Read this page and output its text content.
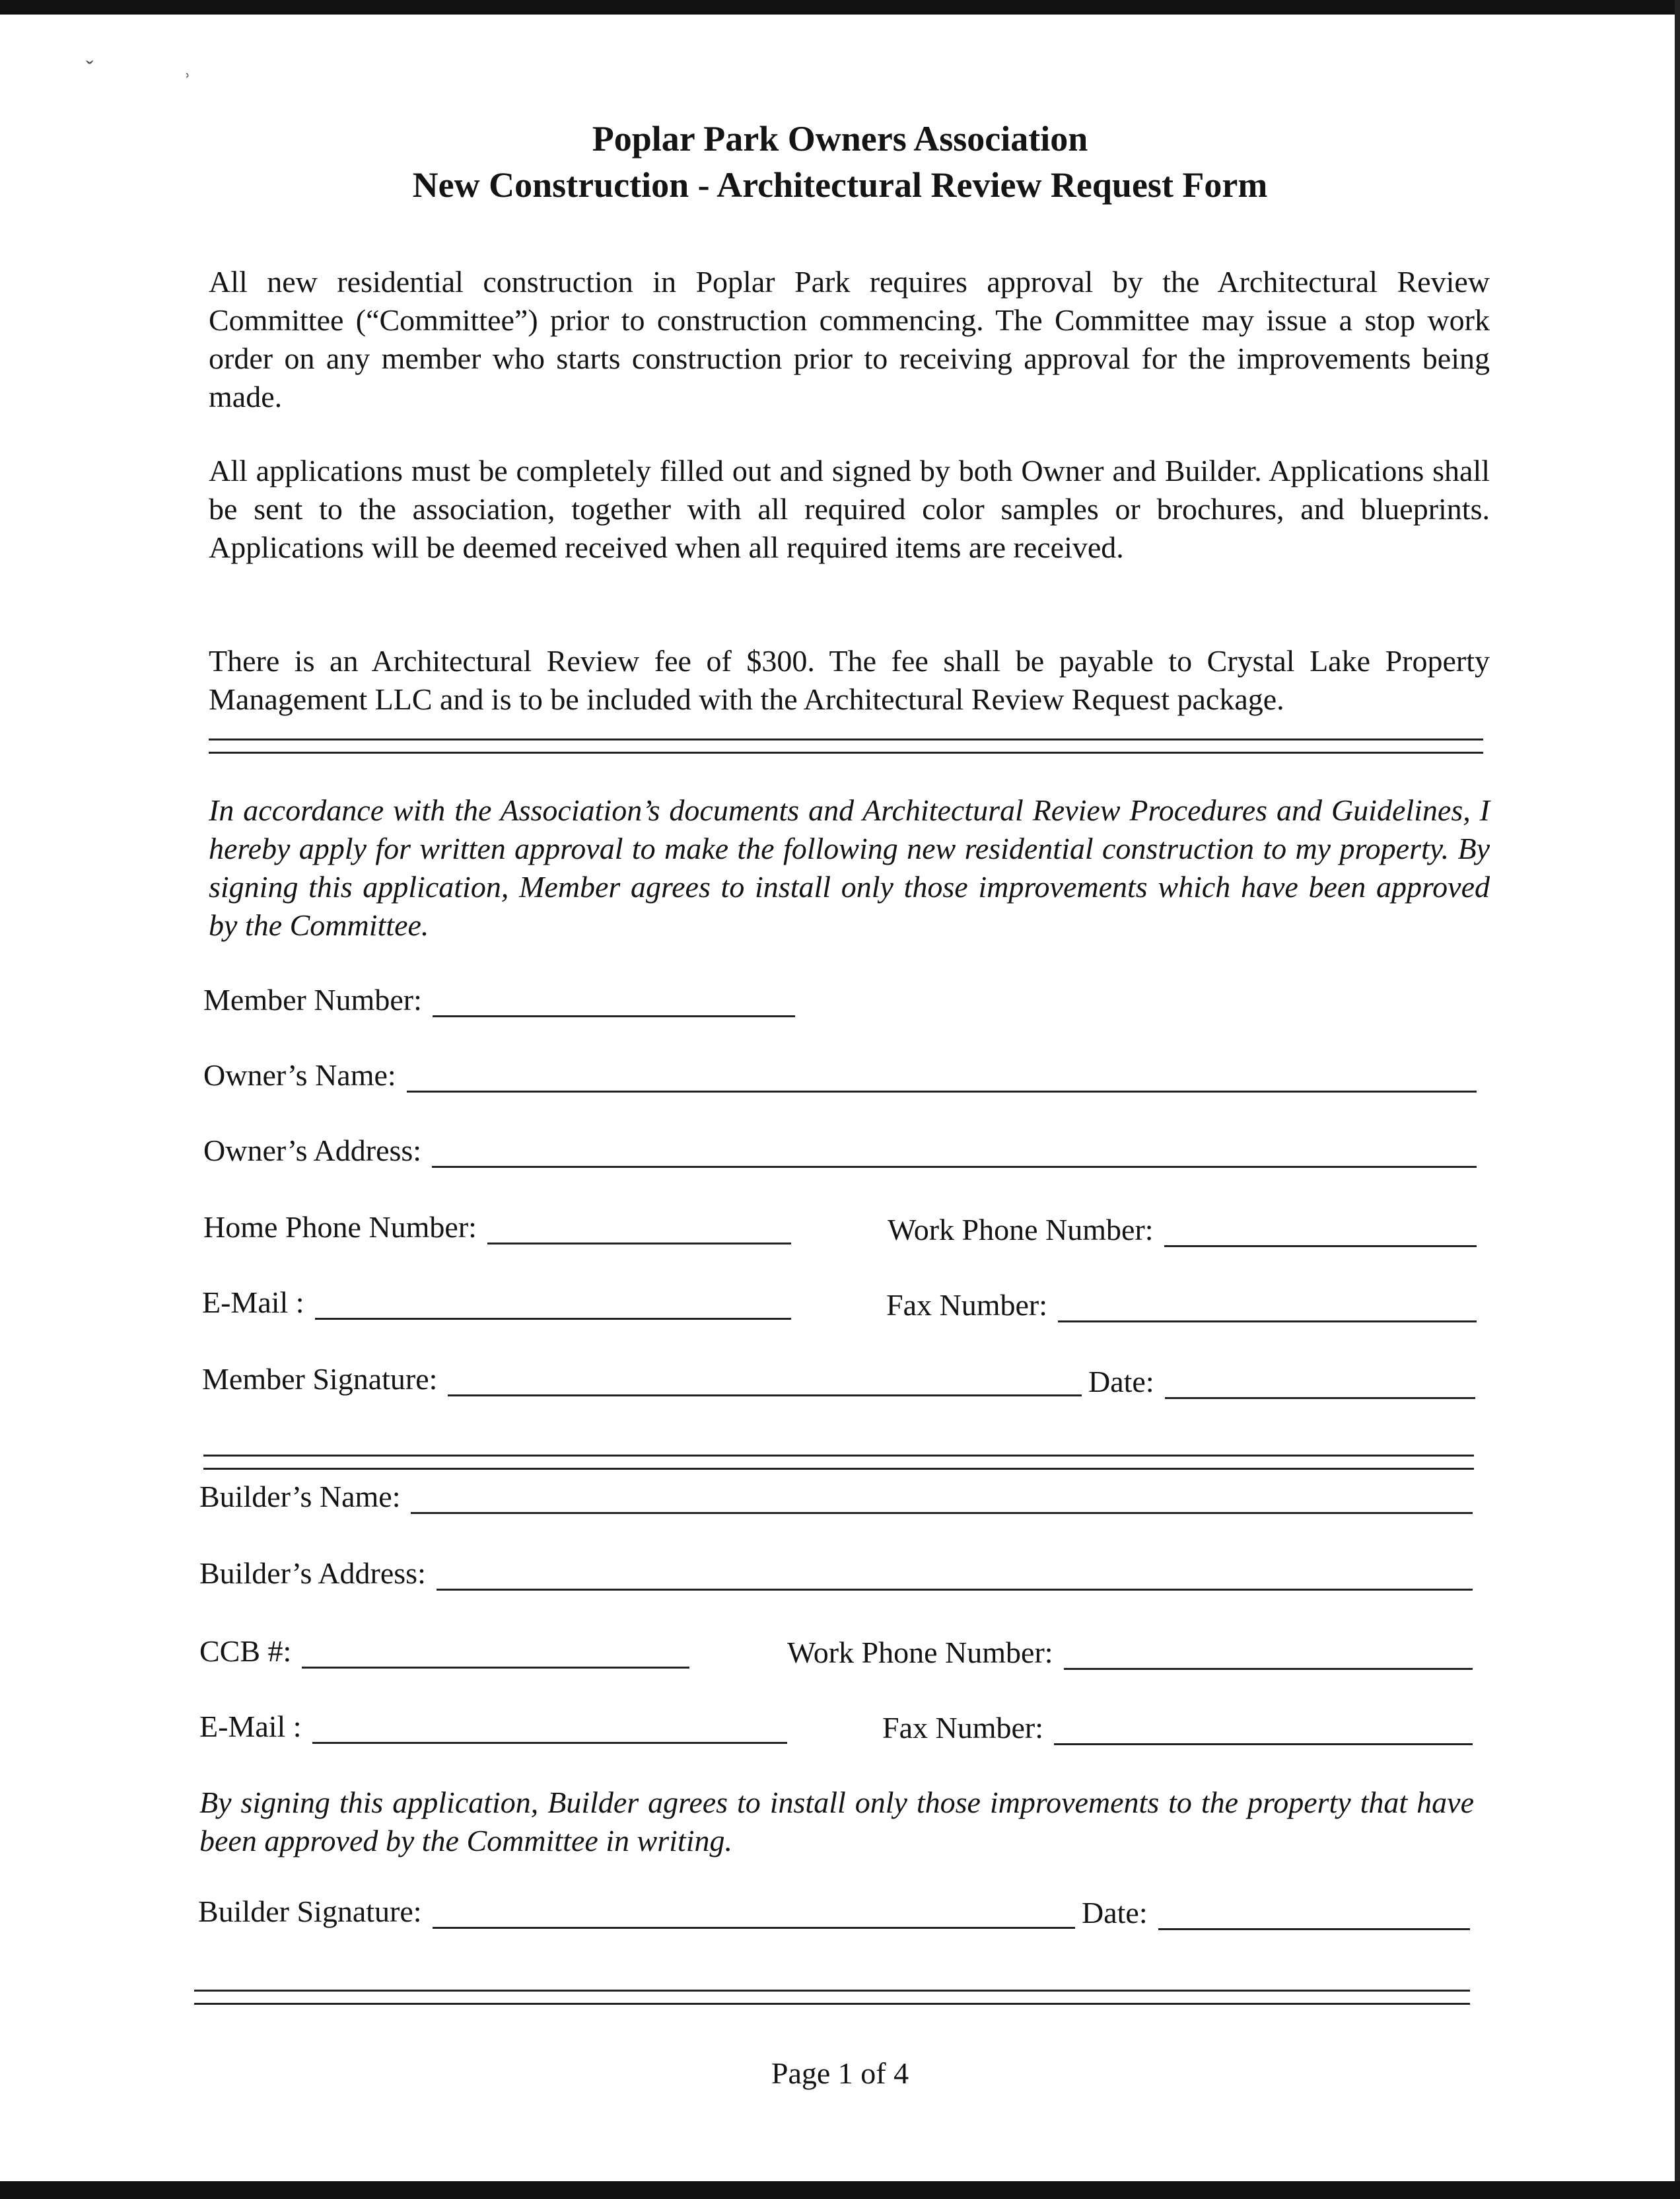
ˇ	˒
Poplar Park Owners Association
New Construction - Architectural Review Request Form

All new residential construction in Poplar Park requires approval by the Architectural Review Committee (“Committee”) prior to construction commencing. The Committee may issue a stop work order on any member who starts construction prior to receiving approval for the improvements being made.

All applications must be completely filled out and signed by both Owner and Builder. Applications shall be sent to the association, together with all required color samples or brochures, and blueprints. Applications will be deemed received when all required items are received.

There is an Architectural Review fee of $300. The fee shall be payable to Crystal Lake Property Management LLC and is to be included with the Architectural Review Request package.

In accordance with the Association’s documents and Architectural Review Procedures and Guidelines, I hereby apply for written approval to make the following new residential construction to my property. By signing this application, Member agrees to install only those improvements which have been approved by the Committee.

Member Number:
Owner’s Name:
Owner’s Address:
Home Phone Number:	Work Phone Number:
E-Mail :	Fax Number:
Member Signature:	Date:
Builder’s Name:
Builder’s Address:
CCB #:	Work Phone Number:
E-Mail :	Fax Number:

By signing this application, Builder agrees to install only those improvements to the property that have been approved by the Committee in writing.

Builder Signature:	Date:
Page 1 of 4
